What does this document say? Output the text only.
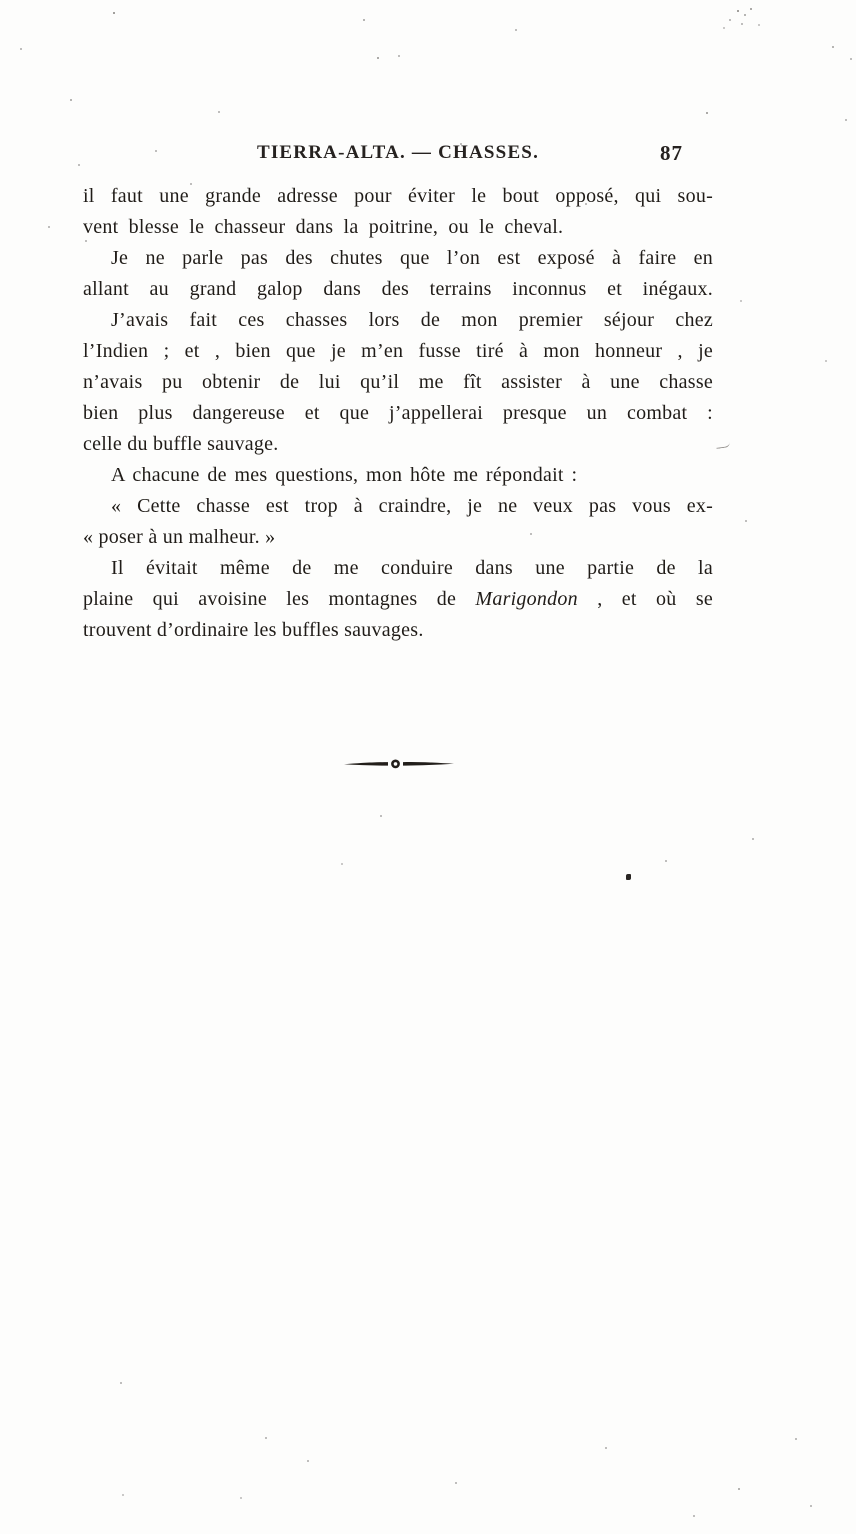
TIERRA-ALTA. — CHASSES.	87
il faut une grande adresse pour éviter le bout opposé, qui sou-
vent blesse le chasseur dans la poitrine, ou le cheval.
Je ne parle pas des chutes que l’on est exposé à faire en
allant au grand galop dans des terrains inconnus et inégaux.
J’avais fait ces chasses lors de mon premier séjour chez
l’Indien ; et , bien que je m’en fusse tiré à mon honneur , je
n’avais pu obtenir de lui qu’il me fît assister à une chasse
bien plus dangereuse et que j’appellerai presque un combat :
celle du buffle sauvage.
A chacune de mes questions, mon hôte me répondait :
« Cette chasse est trop à craindre, je ne veux pas vous ex-
« poser à un malheur. »
Il évitait même de me conduire dans une partie de la
plaine qui avoisine les montagnes de Marigondon , et où se
trouvent d’ordinaire les buffles sauvages.
